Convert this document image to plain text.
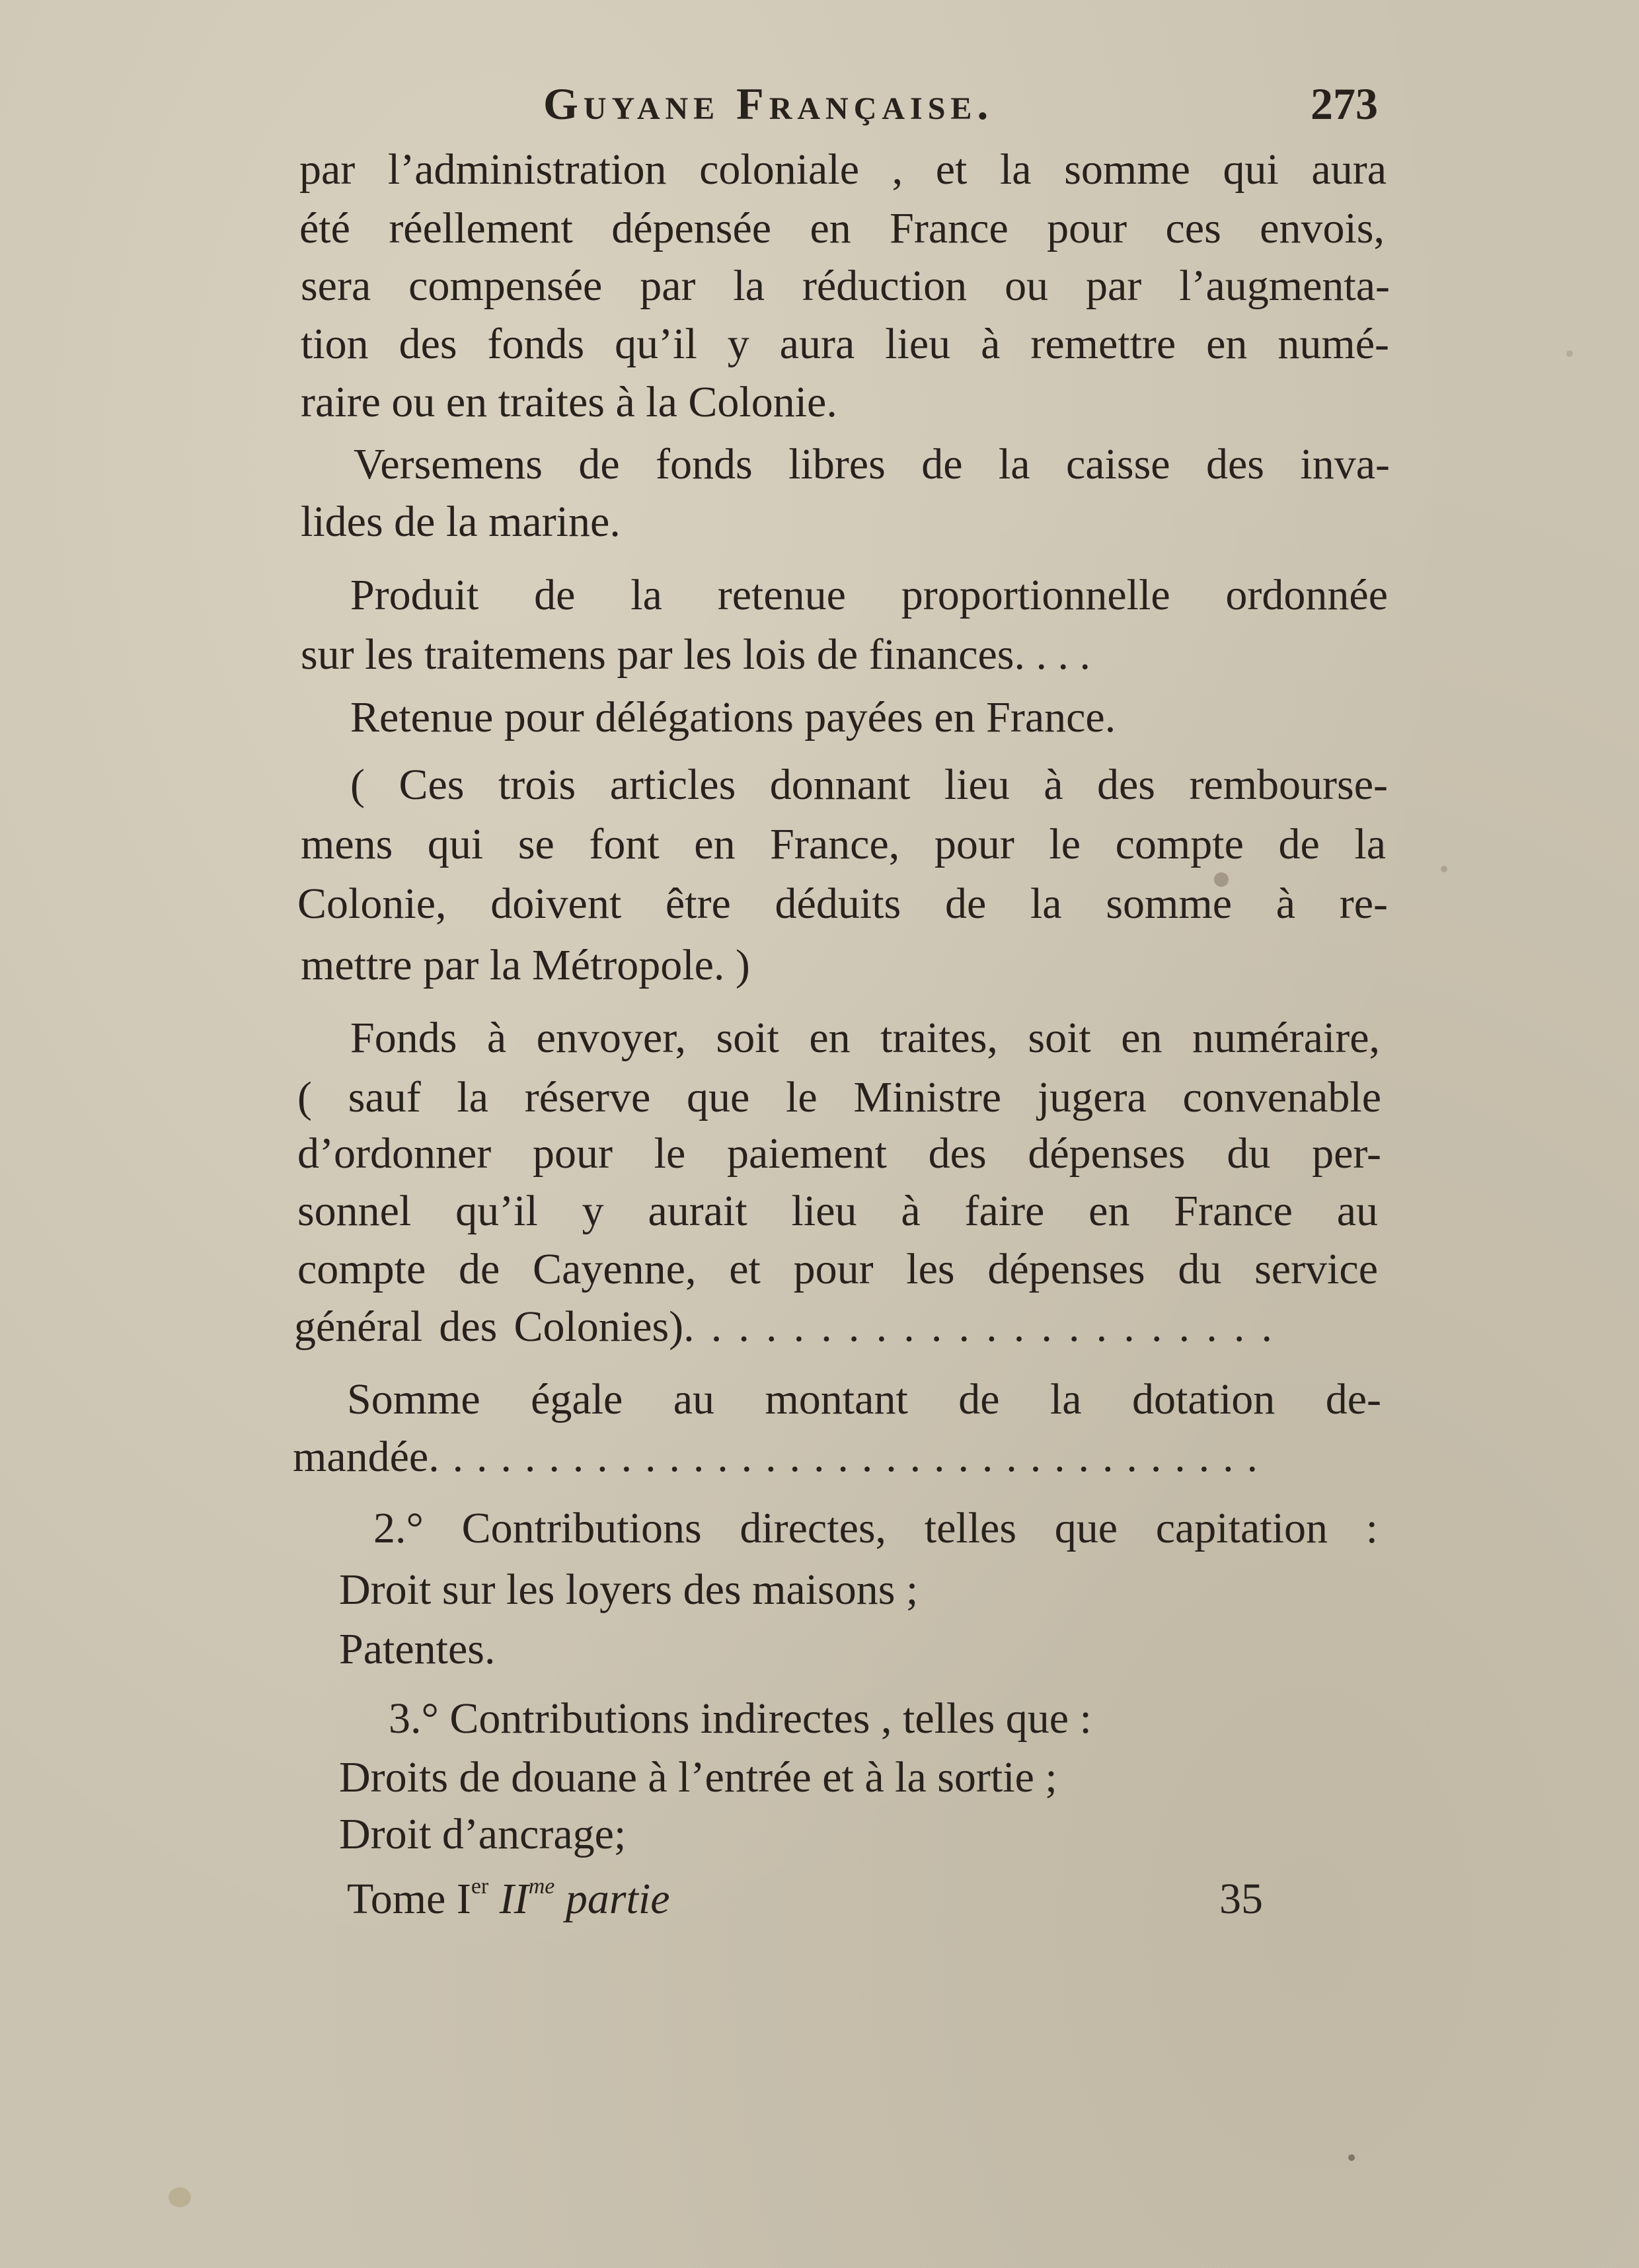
Guyane Française.	273
par l’administration coloniale , et la somme qui aura
été réellement dépensée en France pour ces envois,
sera compensée par la réduction ou par l’augmenta-
tion des fonds qu’il y aura lieu à remettre en numé-
raire ou en traites à la Colonie.
Versemens de fonds libres de la caisse des inva-
lides de la marine.
Produit de la retenue proportionnelle ordonnée
sur les traitemens par les lois de finances. . . .
Retenue pour délégations payées en France.
( Ces trois articles donnant lieu à des rembourse-
mens qui se font en France, pour le compte de la
Colonie, doivent être déduits de la somme à re-
mettre par la Métropole. )
Fonds à envoyer, soit en traites, soit en numéraire,
( sauf la réserve que le Ministre jugera convenable
d’ordonner pour le paiement des dépenses du per-
sonnel qu’il y aurait lieu à faire en France au
compte de Cayenne, et pour les dépenses du service
général des Colonies). . . . . . . . . . . . . . . . . . . . . .
Somme égale au montant de la dotation de-
mandée. . . . . . . . . . . . . . . . . . . . . . . . . . . . . . . . . . .
2.° Contributions directes, telles que capitation :
Droit sur les loyers des maisons ;
Patentes.
3.° Contributions indirectes , telles que :
Droits de douane à l’entrée et à la sortie ;
Droit d’ancrage;
Tome Ier $II^{me}$ partie	35
